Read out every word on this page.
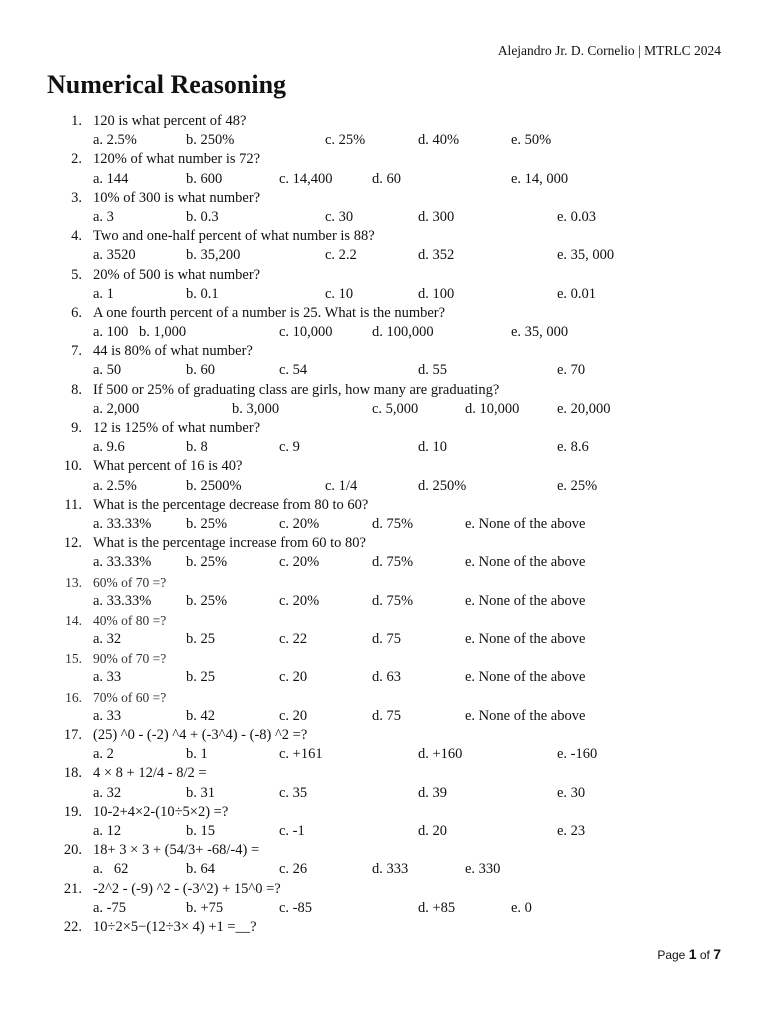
Alejandro Jr. D. Cornelio | MTRLC 2024
Numerical Reasoning
1. 120 is what percent of 48?
a. 2.5%	b. 250%	c. 25%	d. 40%	e. 50%
2. 120% of what number is 72?
a. 144	b. 600	c. 14,400	d. 60	e. 14, 000
3. 10% of 300 is what number?
a. 3	b. 0.3	c. 30	d. 300	e. 0.03
4. Two and one-half percent of what number is 88?
a. 3520	b. 35,200	c. 2.2	d. 352	e. 35, 000
5. 20% of 500 is what number?
a. 1	b. 0.1	c. 10	d. 100	e. 0.01
6. A one fourth percent of a number is 25. What is the number?
a. 100 b. 1,000	c. 10,000	d. 100,000	e. 35, 000
7. 44 is 80% of what number?
a. 50	b. 60	c. 54	d. 55	e. 70
8. If 500 or 25% of graduating class are girls, how many are graduating?
a. 2,000	b. 3,000	c. 5,000	d. 10,000	e. 20,000
9. 12 is 125% of what number?
a. 9.6	b. 8	c. 9	d. 10	e. 8.6
10. What percent of 16 is 40?
a. 2.5%	b. 2500%	c. 1/4	d. 250%	e. 25%
11. What is the percentage decrease from 80 to 60?
a. 33.33% b. 25%	c. 20%	d. 75%	e. None of the above
12. What is the percentage increase from 60 to 80?
a. 33.33% b. 25%	c. 20%	d. 75%	e. None of the above
13. 60% of 70 =?
a. 33.33% b. 25%	c. 20%	d. 75%	e. None of the above
14. 40% of 80 =?
a. 32	b. 25	c. 22	d. 75	e. None of the above
15. 90% of 70 =?
a. 33	b. 25	c. 20	d. 63	e. None of the above
16. 70% of 60 =?
a. 33	b. 42	c. 20	d. 75	e. None of the above
17. (25) ^0 - (-2) ^4 + (-3^4) - (-8) ^2 =?
a. 2	b. 1	c. +161	d. +160	e. -160
18. 4 × 8 + 12/4 - 8/2 =
a. 32	b. 31	c. 35	d. 39	e. 30
19. 10-2+4×2-(10÷5×2) =?
a. 12	b. 15	c. -1	d. 20	e. 23
20. 18+ 3 × 3 + (54/3+ -68/-4) =
a.   62	b. 64	c. 26	d. 333	e. 330
21. -2^2 - (-9) ^2 - (-3^2) + 15^0 =?
a. -75	b. +75	c. -85	d. +85	e. 0
22. 10÷2×5−(12÷3× 4) +1 =__?
Page 1 of 7
